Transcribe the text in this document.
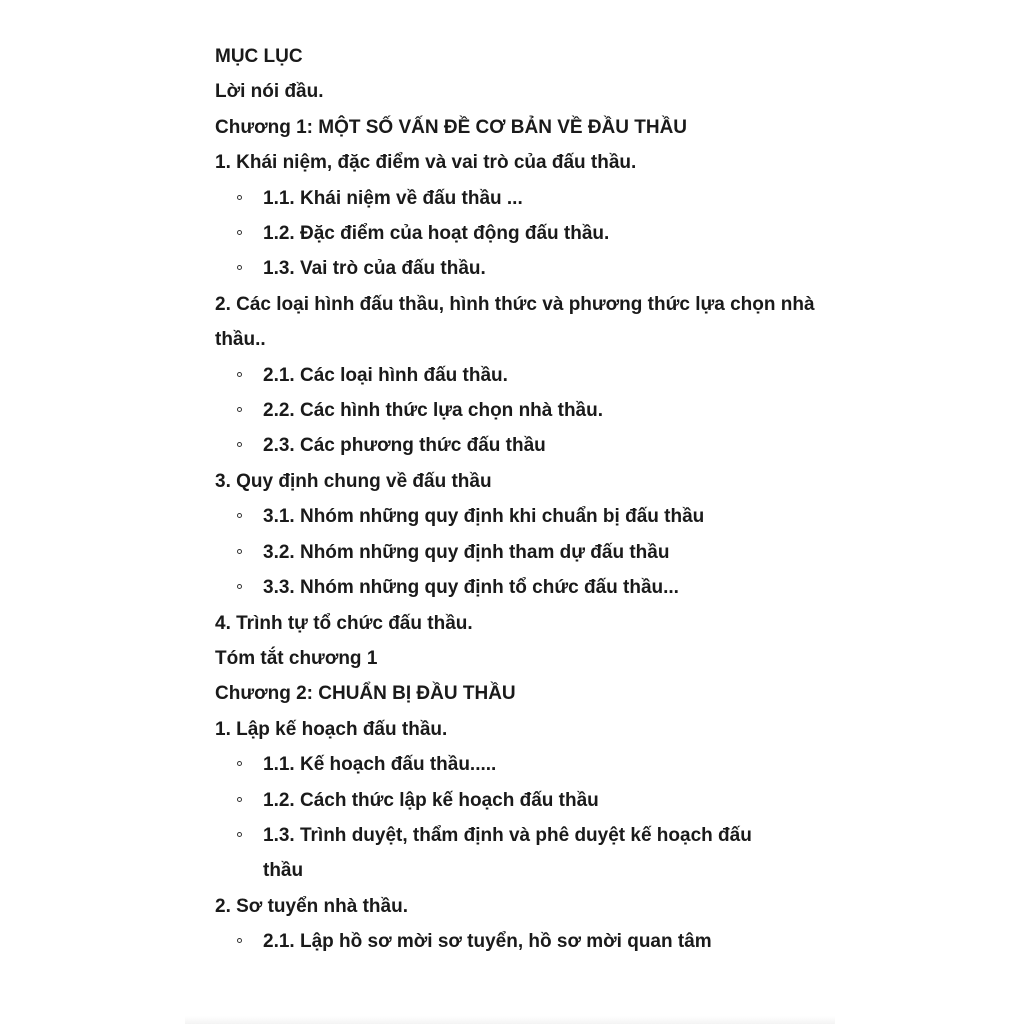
MỤC LỤC

Lời nói đầu.

Chương 1: MỘT SỐ VẤN ĐỀ CƠ BẢN VỀ ĐẦU THẦU

1. Khái niệm, đặc điểm và vai trò của đấu thầu.

1.1. Khái niệm về đấu thầu ...
1.2. Đặc điểm của hoạt động đấu thầu.
1.3. Vai trò của đấu thầu.

2. Các loại hình đấu thầu, hình thức và phương thức lựa chọn nhà thầu..

2.1. Các loại hình đấu thầu.
2.2. Các hình thức lựa chọn nhà thầu.
2.3. Các phương thức đấu thầu

3. Quy định chung về đấu thầu

3.1. Nhóm những quy định khi chuẩn bị đấu thầu
3.2. Nhóm những quy định tham dự đấu thầu
3.3. Nhóm những quy định tổ chức đấu thầu...

4. Trình tự tổ chức đấu thầu.

Tóm tắt chương 1

Chương 2: CHUẨN BỊ ĐẦU THẦU

1. Lập kế hoạch đấu thầu.

1.1. Kế hoạch đấu thầu.....
1.2. Cách thức lập kế hoạch đấu thầu
1.3. Trình duyệt, thẩm định và phê duyệt kế hoạch đấu thầu

2. Sơ tuyển nhà thầu.

2.1. Lập hồ sơ mời sơ tuyển, hồ sơ mời quan tâm
